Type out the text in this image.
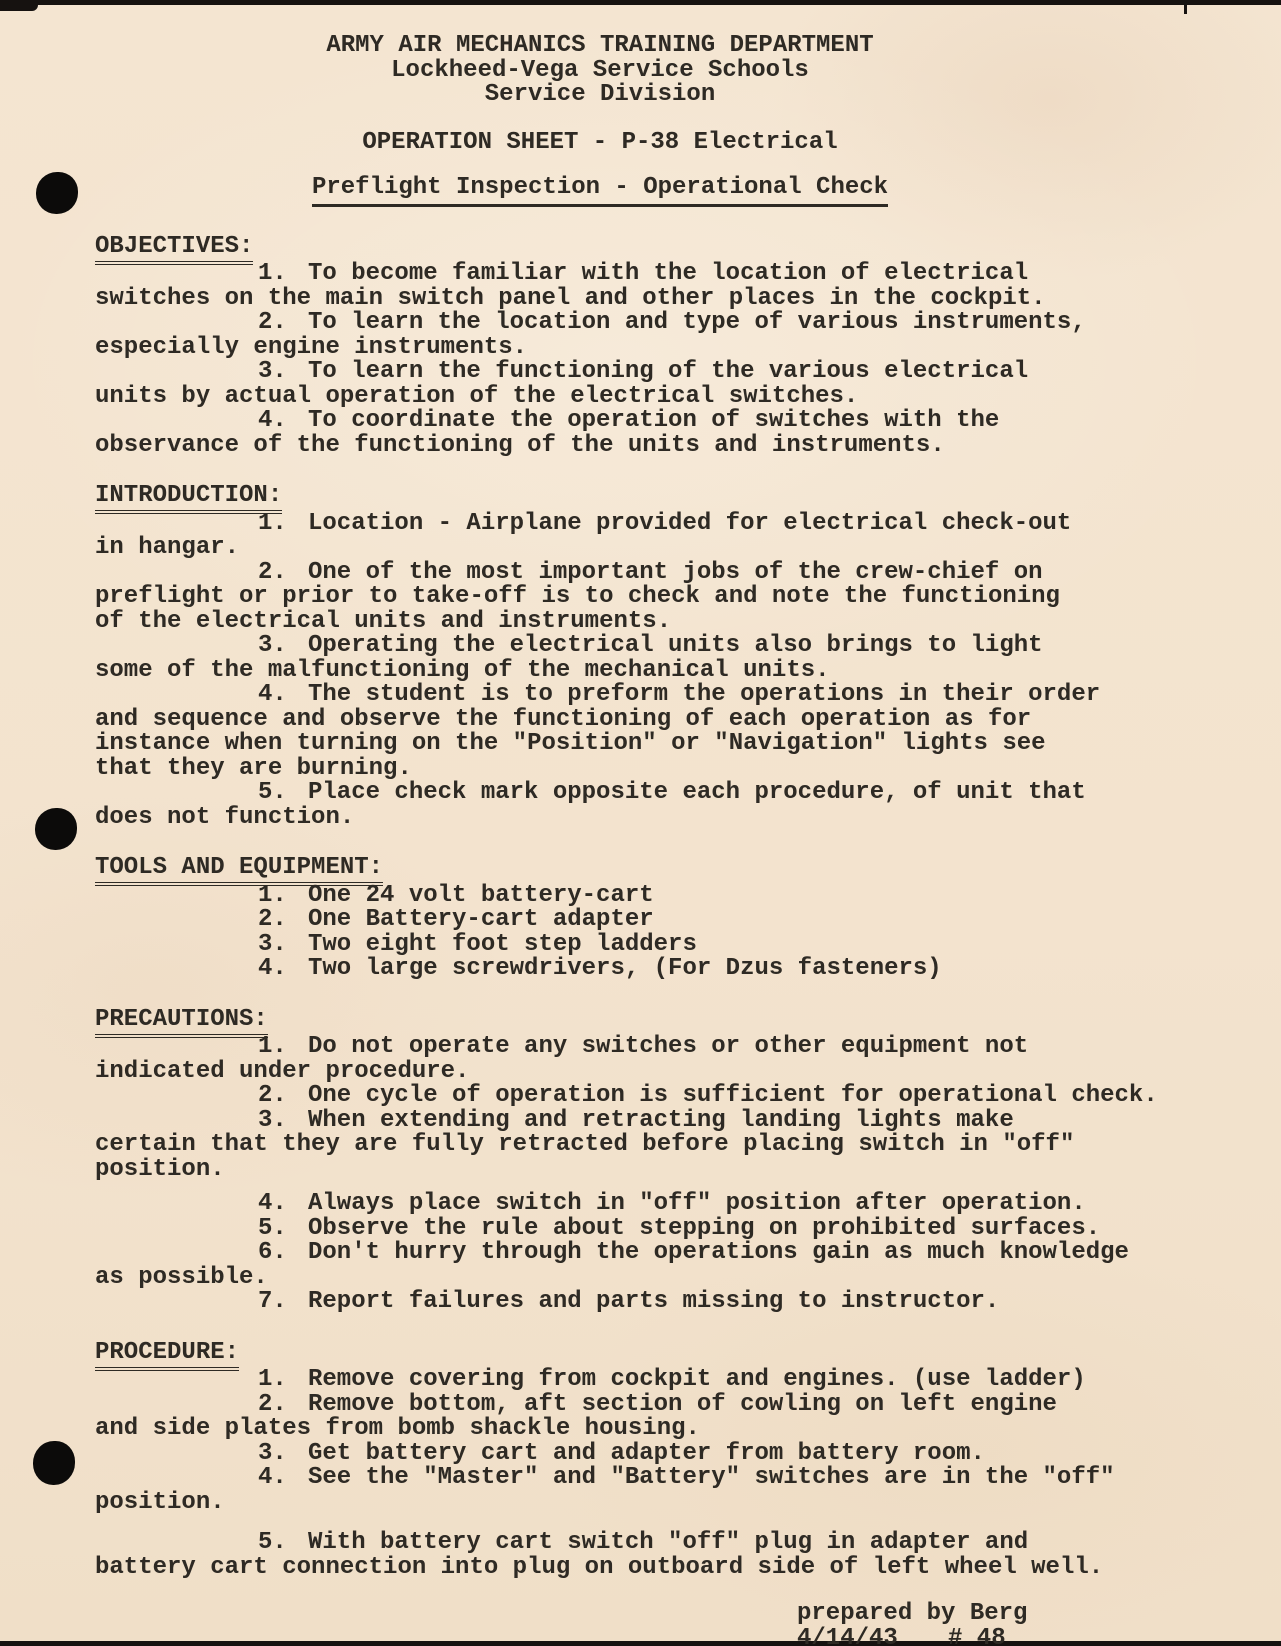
ARMY AIR MECHANICS TRAINING DEPARTMENT
Lockheed-Vega Service Schools
Service Division
OPERATION SHEET - P-38 Electrical
Preflight Inspection - Operational Check
OBJECTIVES:
1. To become familiar with the location of electrical
switches on the main switch panel and other places in the cockpit.
2. To learn the location and type of various instruments,
especially engine instruments.
3. To learn the functioning of the various electrical
units by actual operation of the electrical switches.
4. To coordinate the operation of switches with the
observance of the functioning of the units and instruments.
INTRODUCTION:
1. Location - Airplane provided for electrical check-out
in hangar.
2. One of the most important jobs of the crew-chief on
preflight or prior to take-off is to check and note the functioning
of the electrical units and instruments.
3. Operating the electrical units also brings to light
some of the malfunctioning of the mechanical units.
4. The student is to preform the operations in their order
and sequence and observe the functioning of each operation as for
instance when turning on the "Position" or "Navigation" lights see
that they are burning.
5. Place check mark opposite each procedure, of unit that
does not function.
TOOLS AND EQUIPMENT:
1. One 24 volt battery-cart
2. One Battery-cart adapter
3. Two eight foot step ladders
4. Two large screwdrivers, (For Dzus fasteners)
PRECAUTIONS:
1. Do not operate any switches or other equipment not
indicated under procedure.
2. One cycle of operation is sufficient for operational check.
3. When extending and retracting landing lights make
certain that they are fully retracted before placing switch in "off"
position.
4. Always place switch in "off" position after operation.
5. Observe the rule about stepping on prohibited surfaces.
6. Don't hurry through the operations gain as much knowledge
as possible.
7. Report failures and parts missing to instructor.
PROCEDURE:
1. Remove covering from cockpit and engines. (use ladder)
2. Remove bottom, aft section of cowling on left engine
and side plates from bomb shackle housing.
3. Get battery cart and adapter from battery room.
4. See the "Master" and "Battery" switches are in the "off"
position.
5. With battery cart switch "off" plug in adapter and
battery cart connection into plug on outboard side of left wheel well.
prepared by Berg
4/14/43 # 48
